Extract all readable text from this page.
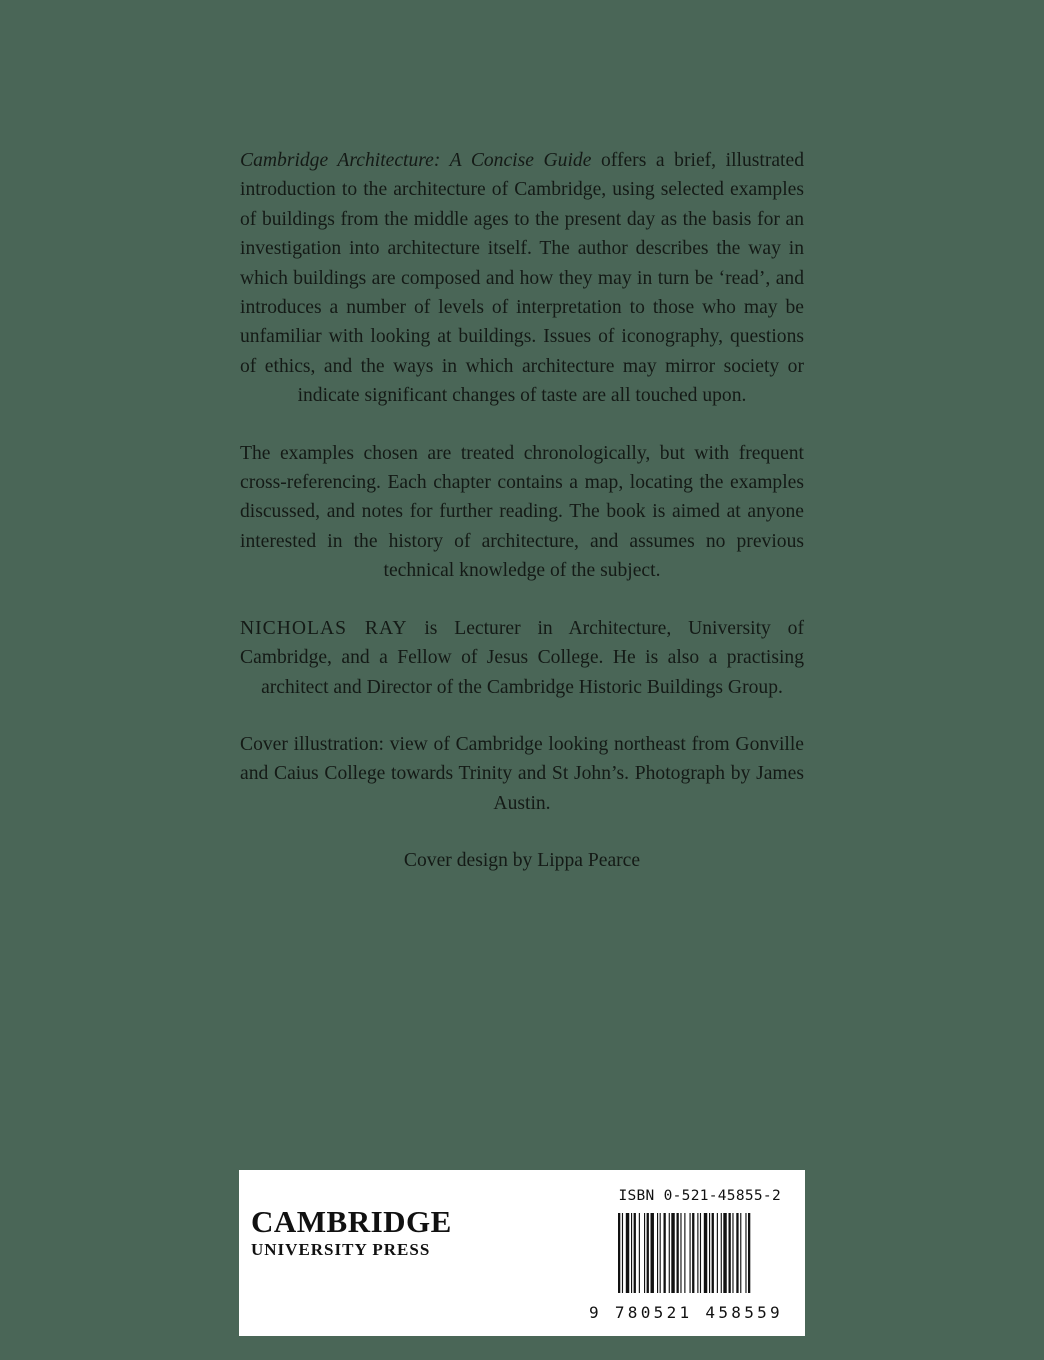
Cambridge Architecture: A Concise Guide offers a brief, illustrated introduction to the architecture of Cambridge, using selected examples of buildings from the middle ages to the present day as the basis for an investigation into architecture itself. The author describes the way in which buildings are composed and how they may in turn be ‘read’, and introduces a number of levels of interpretation to those who may be unfamiliar with looking at buildings. Issues of iconography, questions of ethics, and the ways in which architecture may mirror society or indicate significant changes of taste are all touched upon.

The examples chosen are treated chronologically, but with frequent cross-referencing. Each chapter contains a map, locating the examples discussed, and notes for further reading. The book is aimed at anyone interested in the history of architecture, and assumes no previous technical knowledge of the subject.

NICHOLAS RAY is Lecturer in Architecture, University of Cambridge, and a Fellow of Jesus College. He is also a practising architect and Director of the Cambridge Historic Buildings Group.

Cover illustration: view of Cambridge looking northeast from Gonville and Caius College towards Trinity and St John’s. Photograph by James Austin.

Cover design by Lippa Pearce

CAMBRIDGE
UNIVERSITY PRESS
ISBN 0-521-45855-2
9 780521 458559
